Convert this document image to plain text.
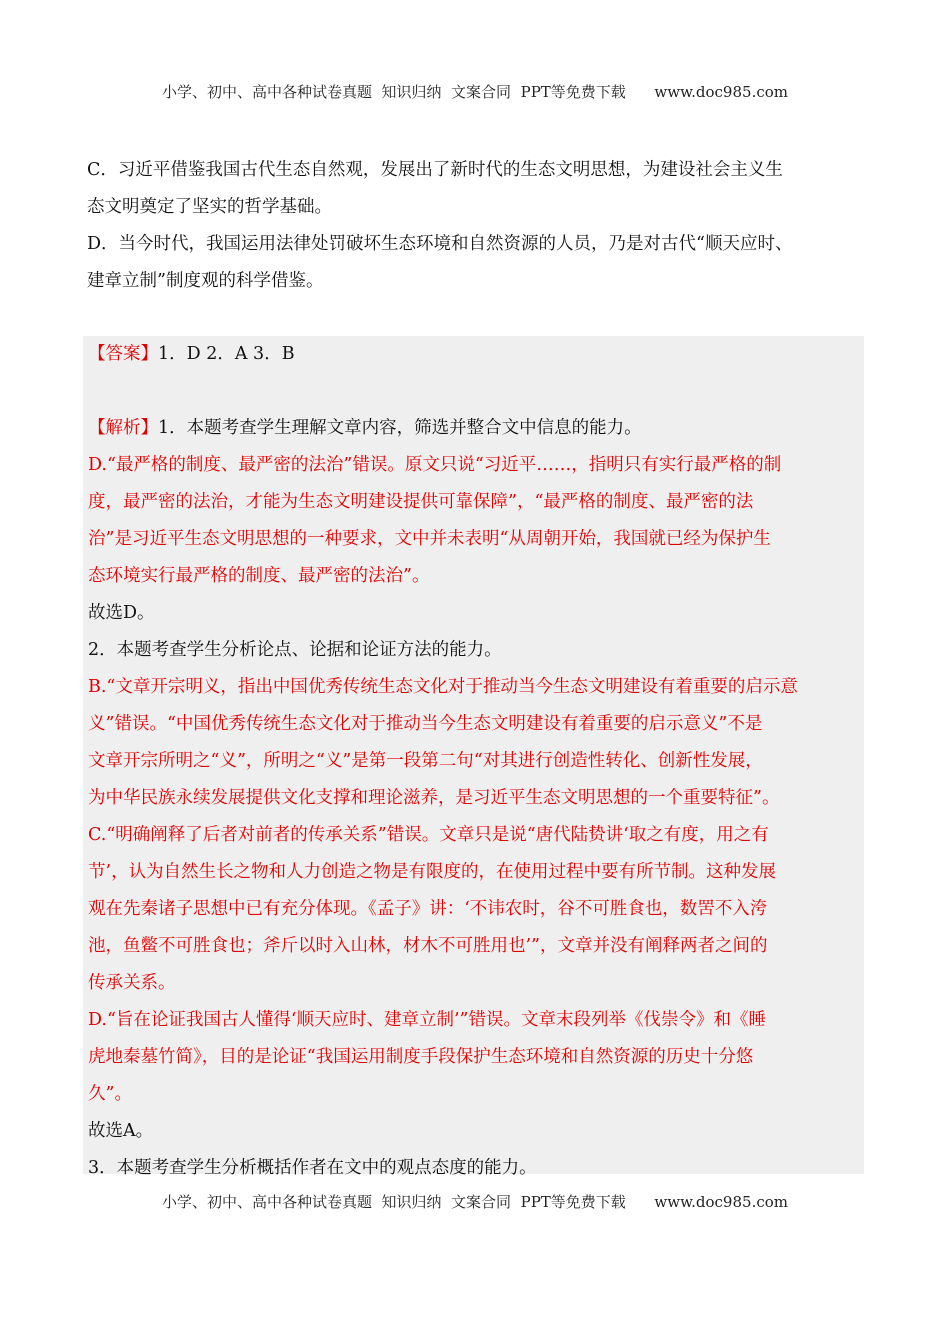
小学、初中、高中各种试卷真题  知识归纳  文案合同  PPT等免费下载      www.doc985.com
C．习近平借鉴我国古代生态自然观，发展出了新时代的生态文明思想，为建设社会主义生
态文明奠定了坚实的哲学基础。
D．当今时代，我国运用法律处罚破坏生态环境和自然资源的人员，乃是对古代“顺天应时、
建章立制”制度观的科学借鉴。
【答案】1．D 2．A 3．B
【解析】1．本题考查学生理解文章内容，筛选并整合文中信息的能力。
D.“最严格的制度、最严密的法治”错误。原文只说“习近平……，指明只有实行最严格的制
度，最严密的法治，才能为生态文明建设提供可靠保障”，“最严格的制度、最严密的法
治”是习近平生态文明思想的一种要求，文中并未表明“从周朝开始，我国就已经为保护生
态环境实行最严格的制度、最严密的法治”。
故选D。
2．本题考查学生分析论点、论据和论证方法的能力。
B.“文章开宗明义，指出中国优秀传统生态文化对于推动当今生态文明建设有着重要的启示意
义”错误。“中国优秀传统生态文化对于推动当今生态文明建设有着重要的启示意义”不是
文章开宗所明之“义”，所明之“义”是第一段第二句“对其进行创造性转化、创新性发展，
为中华民族永续发展提供文化支撑和理论滋养，是习近平生态文明思想的一个重要特征”。
C.“明确阐释了后者对前者的传承关系”错误。文章只是说“唐代陆贽讲‘取之有度，用之有
节’，认为自然生长之物和人力创造之物是有限度的，在使用过程中要有所节制。这种发展
观在先秦诸子思想中已有充分体现。《孟子》讲：‘不讳农时，谷不可胜食也，数罟不入洿
池，鱼鳖不可胜食也；斧斤以时入山林，材木不可胜用也’”，文章并没有阐释两者之间的
传承关系。
D.“旨在论证我国古人懂得‘顺天应时、建章立制’”错误。文章末段列举《伐崇令》和《睡
虎地秦墓竹简》，目的是论证“我国运用制度手段保护生态环境和自然资源的历史十分悠
久”。
故选A。
3．本题考查学生分析概括作者在文中的观点态度的能力。
小学、初中、高中各种试卷真题  知识归纳  文案合同  PPT等免费下载      www.doc985.com
